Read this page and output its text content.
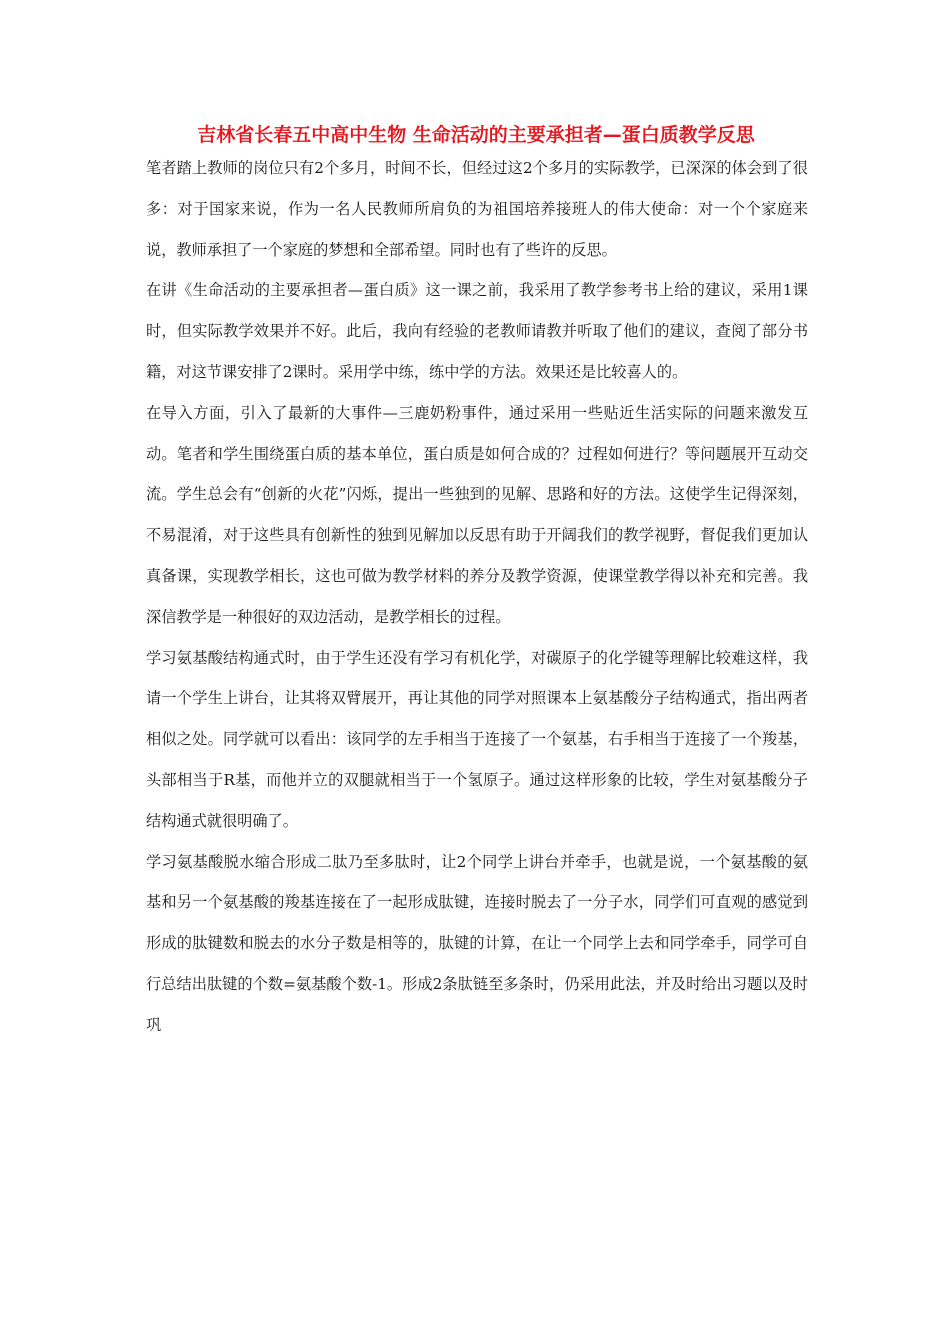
吉林省长春五中高中生物 生命活动的主要承担者—蛋白质教学反思

笔者踏上教师的岗位只有2个多月，时间不长，但经过这2个多月的实际教学，已深深的体会到了很多：对于国家来说，作为一名人民教师所肩负的为祖国培养接班人的伟大使命：对一个个家庭来说，教师承担了一个家庭的梦想和全部希望。同时也有了些许的反思。

在讲《生命活动的主要承担者—蛋白质》这一课之前，我采用了教学参考书上给的建议，采用1课时，但实际教学效果并不好。此后，我向有经验的老教师请教并听取了他们的建议，查阅了部分书籍，对这节课安排了2课时。采用学中练，练中学的方法。效果还是比较喜人的。

在导入方面，引入了最新的大事件—三鹿奶粉事件，通过采用一些贴近生活实际的问题来激发互动。笔者和学生围绕蛋白质的基本单位，蛋白质是如何合成的？过程如何进行？等问题展开互动交流。学生总会有“创新的火花”闪烁，提出一些独到的见解、思路和好的方法。这使学生记得深刻，不易混淆，对于这些具有创新性的独到见解加以反思有助于开阔我们的教学视野，督促我们更加认真备课，实现教学相长，这也可做为教学材料的养分及教学资源，使课堂教学得以补充和完善。我深信教学是一种很好的双边活动，是教学相长的过程。

学习氨基酸结构通式时，由于学生还没有学习有机化学，对碳原子的化学键等理解比较难这样，我请一个学生上讲台，让其将双臂展开，再让其他的同学对照课本上氨基酸分子结构通式，指出两者相似之处。同学就可以看出：该同学的左手相当于连接了一个氨基，右手相当于连接了一个羧基，头部相当于R基，而他并立的双腿就相当于一个氢原子。通过这样形象的比较，学生对氨基酸分子结构通式就很明确了。

学习氨基酸脱水缩合形成二肽乃至多肽时，让2个同学上讲台并牵手，也就是说，一个氨基酸的氨基和另一个氨基酸的羧基连接在了一起形成肽键，连接时脱去了一分子水，同学们可直观的感觉到形成的肽键数和脱去的水分子数是相等的，肽键的计算，在让一个同学上去和同学牵手，同学可自行总结出肽键的个数=氨基酸个数-1。形成2条肽链至多条时，仍采用此法，并及时给出习题以及时巩
